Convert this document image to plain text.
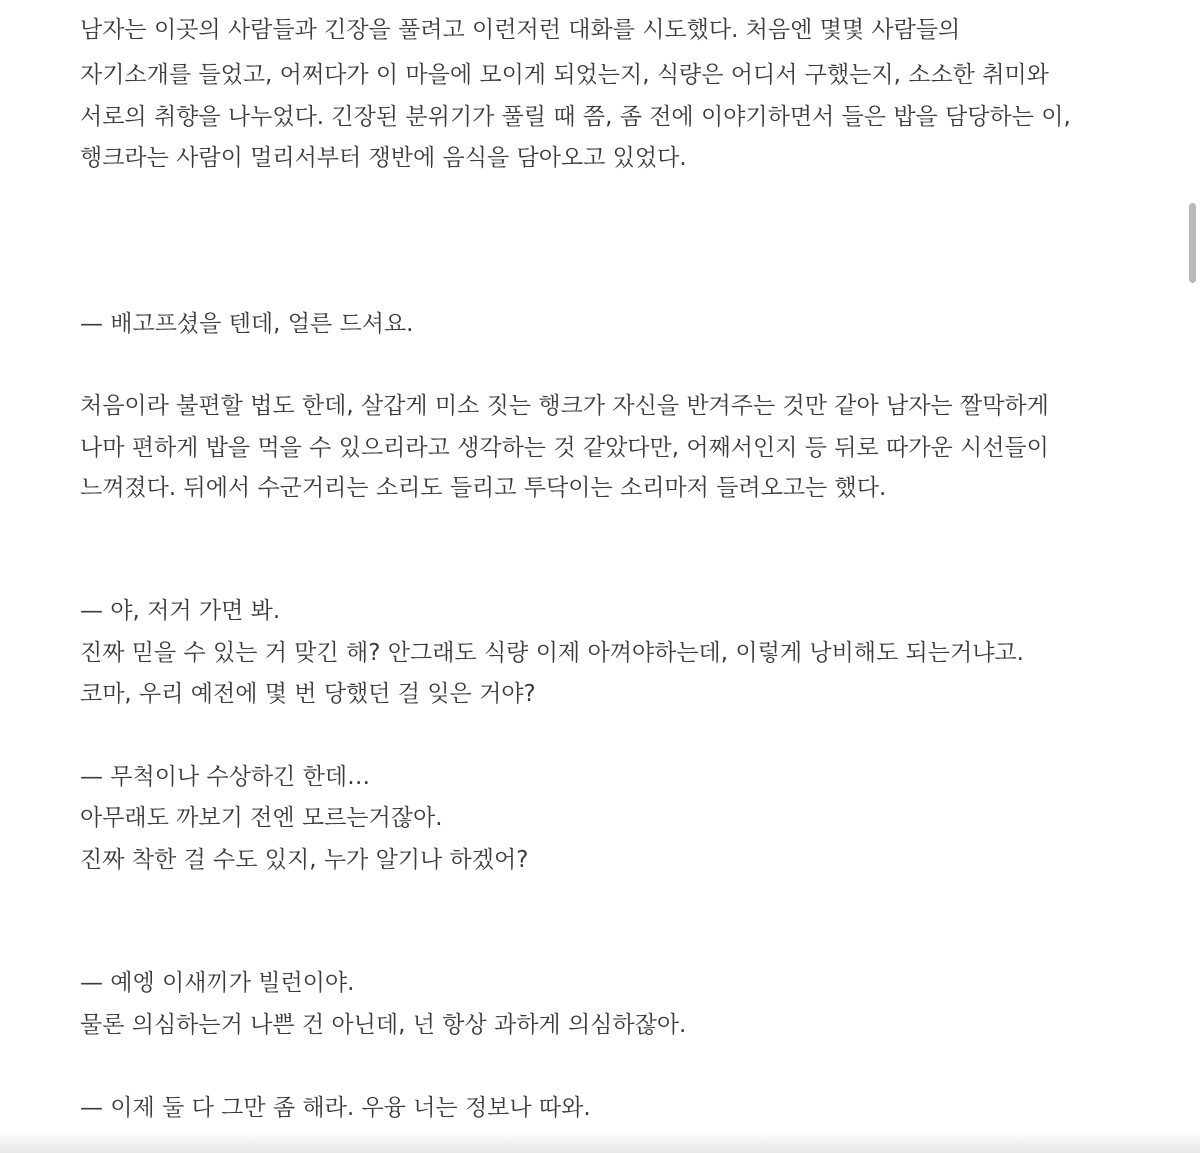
남자는 이곳의 사람들과 긴장을 풀려고 이런저런 대화를 시도했다. 처음엔 몇몇 사람들의
자기소개를 들었고, 어쩌다가 이 마을에 모이게 되었는지, 식량은 어디서 구했는지, 소소한 취미와
서로의 취향을 나누었다. 긴장된 분위기가 풀릴 때 쯤, 좀 전에 이야기하면서 들은 밥을 담당하는 이,
행크라는 사람이 멀리서부터 쟁반에 음식을 담아오고 있었다.
— 배고프셨을 텐데, 얼른 드셔요.
처음이라 불편할 법도 한데, 살갑게 미소 짓는 행크가 자신을 반겨주는 것만 같아 남자는 짤막하게
나마 편하게 밥을 먹을 수 있으리라고 생각하는 것 같았다만, 어째서인지 등 뒤로 따가운 시선들이
느껴졌다. 뒤에서 수군거리는 소리도 들리고 투닥이는 소리마저 들려오고는 했다.
— 야, 저거 가면 봐.
진짜 믿을 수 있는 거 맞긴 해? 안그래도 식량 이제 아껴야하는데, 이렇게 낭비해도 되는거냐고.
코마, 우리 예전에 몇 번 당했던 걸 잊은 거야?
— 무척이나 수상하긴 한데…
아무래도 까보기 전엔 모르는거잖아.
진짜 착한 걸 수도 있지, 누가 알기나 하겠어?
— 예엥 이새끼가 빌런이야.
물론 의심하는거 나쁜 건 아닌데, 넌 항상 과하게 의심하잖아.
— 이제 둘 다 그만 좀 해라. 우융 너는 정보나 따와.
